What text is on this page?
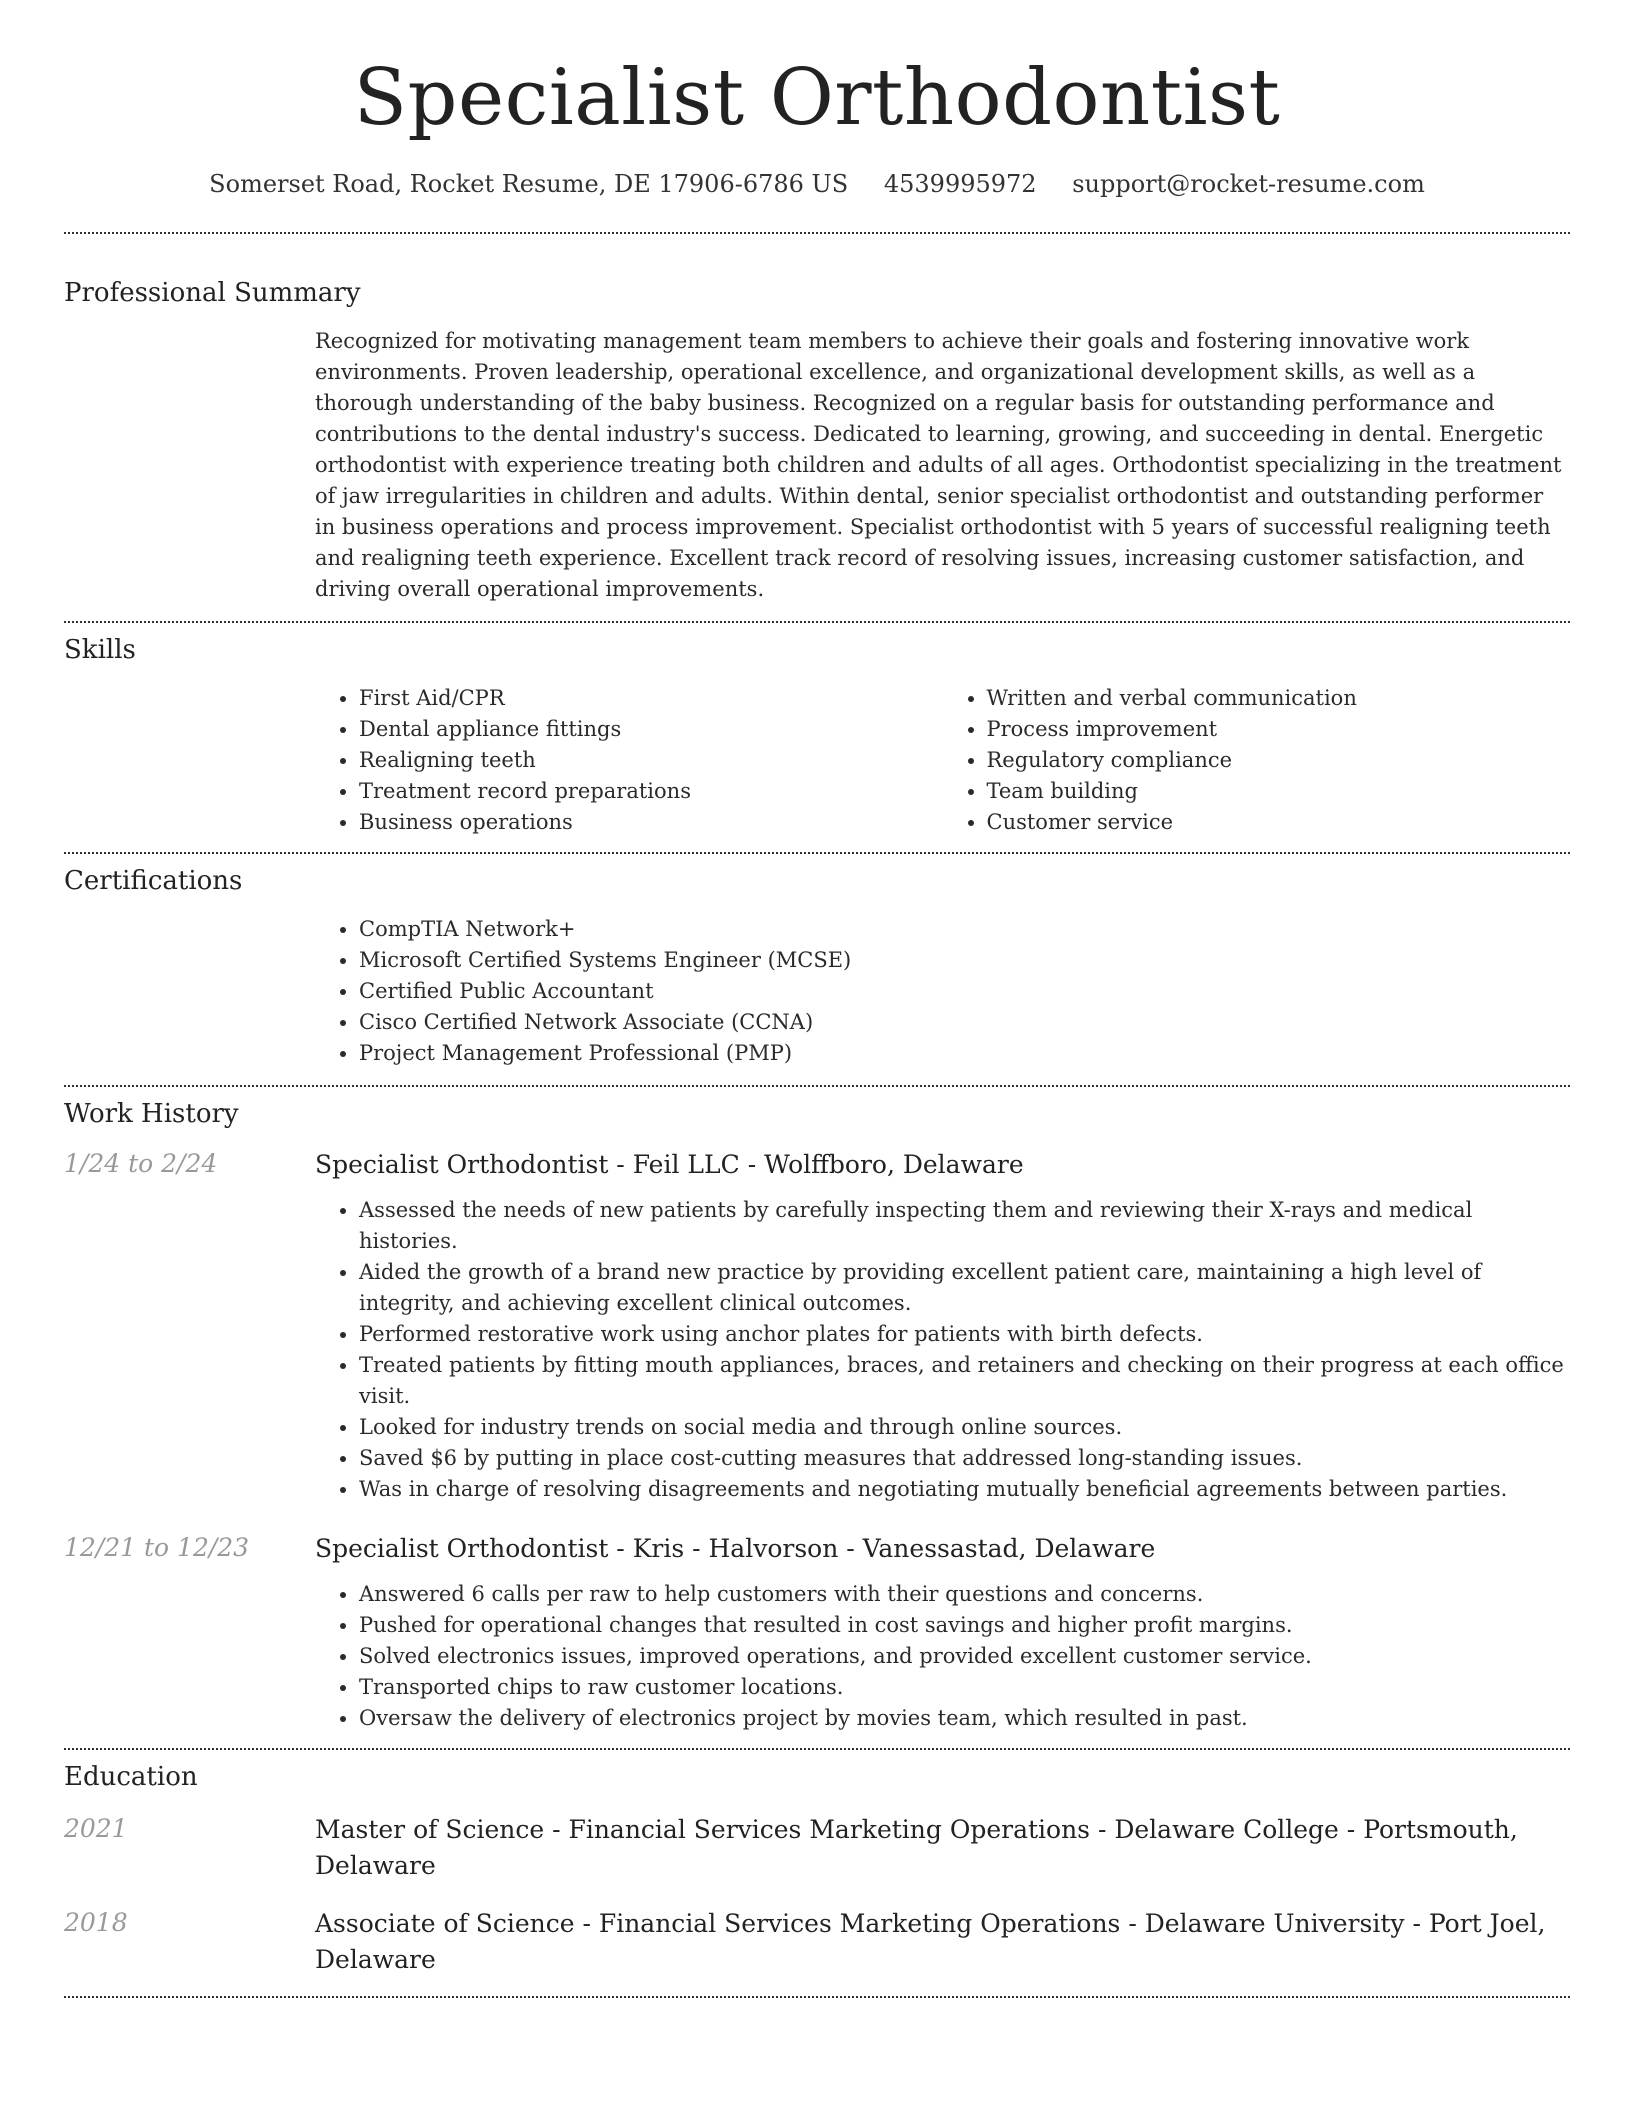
Specialist Orthodontist
Somerset Road, Rocket Resume, DE 17906-6786 US 4539995972 support@rocket-resume.com
Professional Summary

Recognized for motivating management team members to achieve their goals and fostering innovative work environments. Proven leadership, operational excellence, and organizational development skills, as well as a thorough understanding of the baby business. Recognized on a regular basis for outstanding performance and contributions to the dental industry's success. Dedicated to learning, growing, and succeeding in dental. Energetic orthodontist with experience treating both children and adults of all ages. Orthodontist specializing in the treatment of jaw irregularities in children and adults. Within dental, senior specialist orthodontist and outstanding performer in business operations and process improvement. Specialist orthodontist with 5 years of successful realigning teeth and realigning teeth experience. Excellent track record of resolving issues, increasing customer satisfaction, and driving overall operational improvements.

Skills
• First Aid/CPR
• Dental appliance fittings
• Realigning teeth
• Treatment record preparations
• Business operations
• Written and verbal communication
• Process improvement
• Regulatory compliance
• Team building
• Customer service
Certifications
• CompTIA Network+
• Microsoft Certified Systems Engineer (MCSE)
• Certified Public Accountant
• Cisco Certified Network Associate (CCNA)
• Project Management Professional (PMP)
Work History
1/24 to 2/24	Specialist Orthodontist - Feil LLC - Wolffboro, Delaware
• Assessed the needs of new patients by carefully inspecting them and reviewing their X-rays and medical histories.
• Aided the growth of a brand new practice by providing excellent patient care, maintaining a high level of integrity, and achieving excellent clinical outcomes.
• Performed restorative work using anchor plates for patients with birth defects.
• Treated patients by fitting mouth appliances, braces, and retainers and checking on their progress at each office visit.
• Looked for industry trends on social media and through online sources.
• Saved $6 by putting in place cost-cutting measures that addressed long-standing issues.
• Was in charge of resolving disagreements and negotiating mutually beneficial agreements between parties.
12/21 to 12/23	Specialist Orthodontist - Kris - Halvorson - Vanessastad, Delaware
• Answered 6 calls per raw to help customers with their questions and concerns.
• Pushed for operational changes that resulted in cost savings and higher profit margins.
• Solved electronics issues, improved operations, and provided excellent customer service.
• Transported chips to raw customer locations.
• Oversaw the delivery of electronics project by movies team, which resulted in past.
Education
2021	Master of Science - Financial Services Marketing Operations - Delaware College - Portsmouth, Delaware
2018	Associate of Science - Financial Services Marketing Operations - Delaware University - Port Joel, Delaware
